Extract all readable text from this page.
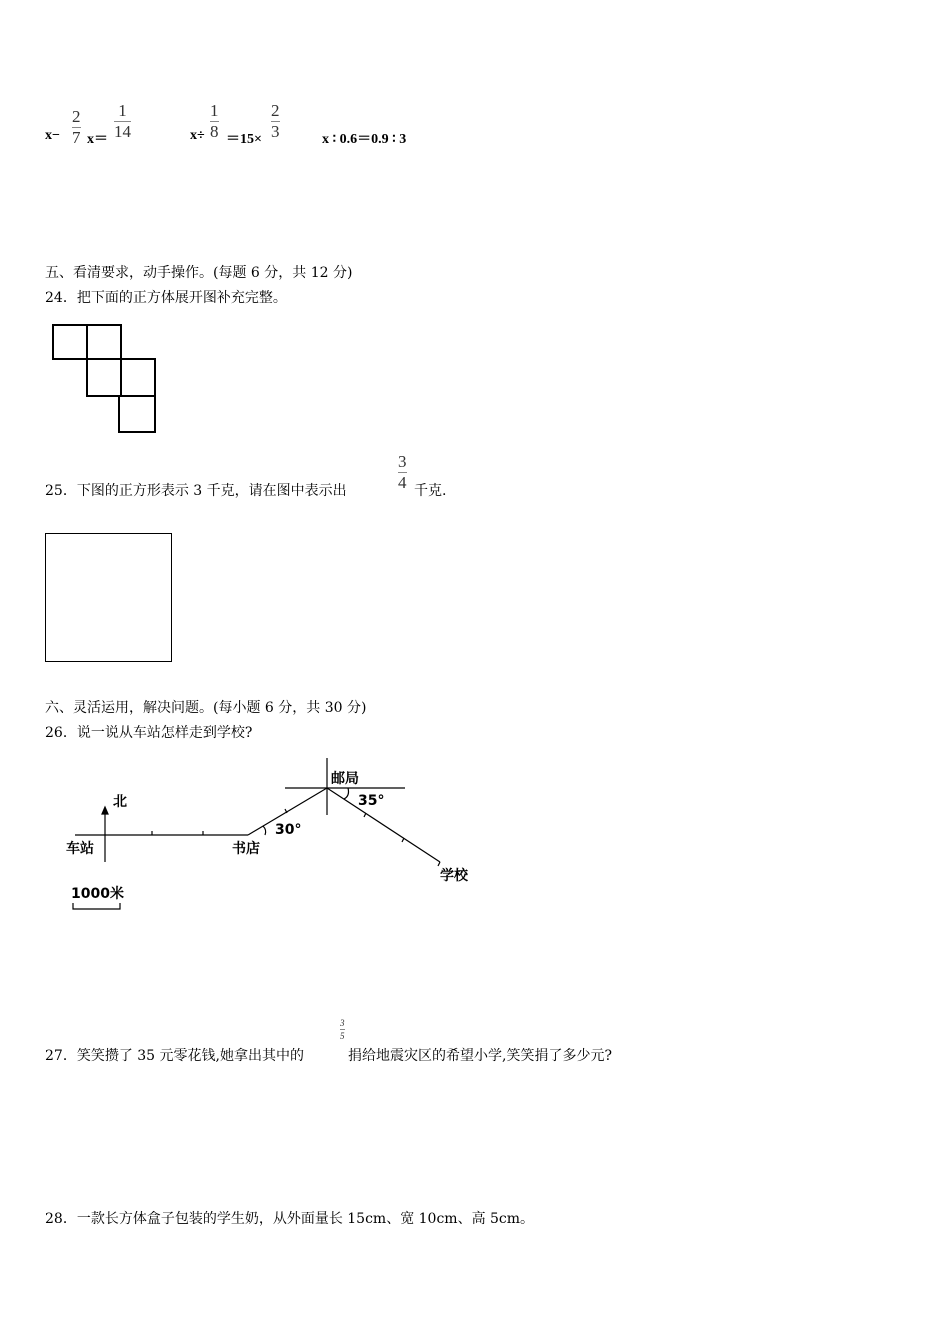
x−
2
7 x＝
1
14	x÷
1
8 ＝15×
2
3	x ∶ 0.6＝0.9 ∶ 3
五、看清要求，动手操作。(每题 6 分，共 12 分)
24．把下面的正方体展开图补充完整。
25．下图的正方形表示 3 千克，请在图中表示出
3
4 千克.
六、灵活运用，解决问题。(每小题 6 分，共 30 分)
26．说一说从车站怎样走到学校?
北
车站	书店
邮局
35°
30°
学校
1000米
27．笑笑攒了 35 元零花钱,她拿出其中的
3
5
捐给地震灾区的希望小学,笑笑捐了多少元?
28．一款长方体盒子包装的学生奶，从外面量长 15cm、宽 10cm、高 5cm。
